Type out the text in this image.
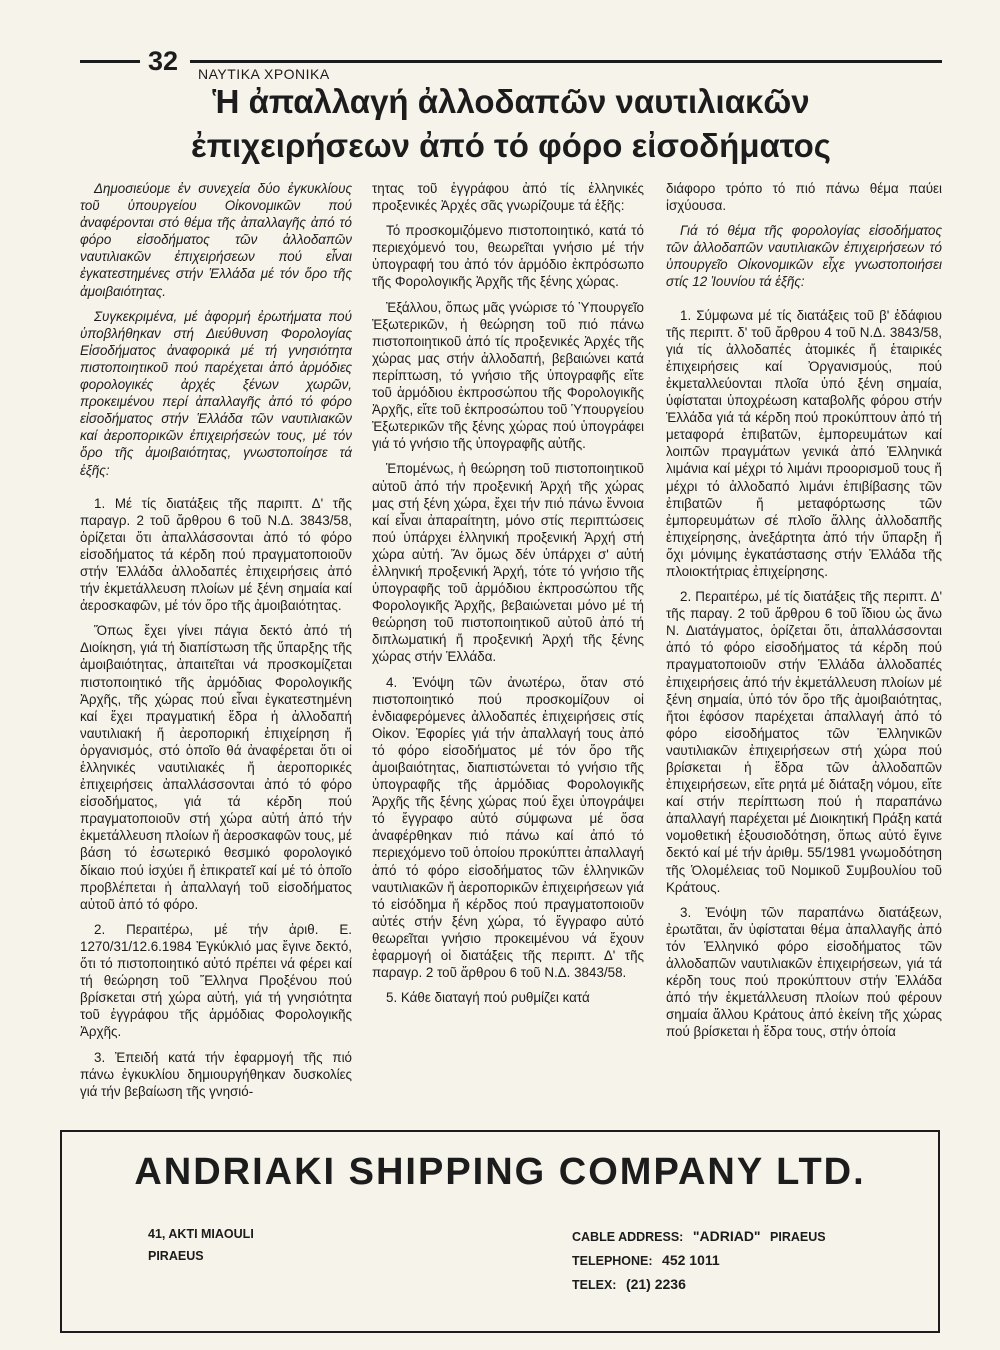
32 ΝΑΥΤΙΚΑ ΧΡΟΝΙΚΑ
Ἡ ἀπαλλαγή ἀλλοδαπῶν ναυτιλιακῶν
ἐπιχειρήσεων ἀπό τό φόρο εἰσοδήματος

Δημοσιεύομε ἐν συνεχεία δύο ἐγκυκλίους τοῦ ὑπουργείου Οἰκονομικῶν πού ἀναφέρονται στό θέμα τῆς ἀπαλλαγῆς ἀπό τό φόρο εἰσοδήματος τῶν ἀλλοδαπῶν ναυτιλιακῶν ἐπιχειρήσεων πού εἶναι ἐγκατεστημένες στήν Ἑλλάδα μέ τόν ὅρο τῆς ἀμοιβαιότητας.

Συγκεκριμένα, μέ ἀφορμή ἐρωτήματα πού ὑποβλήθηκαν στή Διεύθυνση Φορολογίας Εἰσοδήματος ἀναφορικά μέ τή γνησιότητα πιστοποιητικοῦ πού παρέχεται ἀπό ἁρμόδιες φορολογικές ἀρχές ξένων χωρῶν, προκειμένου περί ἀπαλλαγῆς ἀπό τό φόρο εἰσοδήματος στήν Ἑλλάδα τῶν ναυτιλιακῶν καί ἀεροπορικῶν ἐπιχειρήσεών τους, μέ τόν ὅρο τῆς ἀμοιβαιότητας, γνωστοποίησε τά ἑξῆς:

1. Μέ τίς διατάξεις τῆς παριπτ. Δ' τῆς παραγρ. 2 τοῦ ἄρθρου 6 τοῦ Ν.Δ. 3843/58, ὁρίζεται ὅτι ἀπαλλάσσονται ἀπό τό φόρο εἰσοδήματος τά κέρδη πού πραγματοποιοῦν στήν Ἑλλάδα ἀλλοδαπές ἐπιχειρήσεις ἀπό τήν ἐκμετάλλευση πλοίων μέ ξένη σημαία καί ἀεροσκαφῶν, μέ τόν ὅρο τῆς ἀμοιβαιότητας.

Ὅπως ἔχει γίνει πάγια δεκτό ἀπό τή Διοίκηση, γιά τή διαπίστωση τῆς ὕπαρξης τῆς ἀμοιβαιότητας, ἀπαιτεῖται νά προσκομίζεται πιστοποιητικό τῆς ἁρμόδιας Φορολογικῆς Ἀρχῆς, τῆς χώρας πού εἶναι ἐγκατεστημένη καί ἔχει πραγματική ἕδρα ἡ ἀλλοδαπή ναυτιλιακή ἤ ἀεροπορική ἐπιχείρηση ἤ ὀργανισμός, στό ὁποῖο θά ἀναφέρεται ὅτι οἱ ἑλληνικές ναυτιλιακές ἤ ἀεροπορικές ἐπιχειρήσεις ἀπαλλάσσονται ἀπό τό φόρο εἰσοδήματος, γιά τά κέρδη πού πραγματοποιοῦν στή χώρα αὐτή ἀπό τήν ἐκμετάλλευση πλοίων ἤ ἀεροσκαφῶν τους, μέ βάση τό ἐσωτερικό θεσμικό φορολογικό δίκαιο πού ἰσχύει ἤ ἐπικρατεῖ καί μέ τό ὁποῖο προβλέπεται ἡ ἀπαλλαγή τοῦ εἰσοδήματος αὐτοῦ ἀπό τό φόρο.

2. Περαιτέρω, μέ τήν ἀριθ. Ε. 1270/31/12.6.1984 Ἐγκύκλιό μας ἔγινε δεκτό, ὅτι τό πιστοποιητικό αὐτό πρέπει νά φέρει καί τή θεώρηση τοῦ Ἕλληνα Προξένου πού βρίσκεται στή χώρα αὐτή, γιά τή γνησιότητα τοῦ ἐγγράφου τῆς ἁρμόδιας Φορολογικῆς Ἀρχῆς.

3. Ἐπειδή κατά τήν ἐφαρμογή τῆς πιό πάνω ἐγκυκλίου δημιουργήθηκαν δυσκολίες γιά τήν βεβαίωση τῆς γνησιό-

τητας τοῦ ἐγγράφου ἀπό τίς ἑλληνικές προξενικές Ἀρχές σᾶς γνωρίζουμε τά ἑξῆς:

Τό προσκομιζόμενο πιστοποιητικό, κατά τό περιεχόμενό του, θεωρεῖται γνήσιο μέ τήν ὑπογραφή του ἀπό τόν ἁρμόδιο ἐκπρόσωπο τῆς Φορολογικῆς Ἀρχῆς τῆς ξένης χώρας.

Ἐξάλλου, ὅπως μᾶς γνώρισε τό Ὑπουργεῖο Ἐξωτερικῶν, ἡ θεώρηση τοῦ πιό πάνω πιστοποιητικοῦ ἀπό τίς προξενικές Ἀρχές τῆς χώρας μας στήν ἀλλοδαπή, βεβαιώνει κατά περίπτωση, τό γνήσιο τῆς ὑπογραφῆς εἴτε τοῦ ἁρμόδιου ἐκπροσώπου τῆς Φορολογικῆς Ἀρχῆς, εἴτε τοῦ ἐκπροσώπου τοῦ Ὑπουργείου Ἐξωτερικῶν τῆς ξένης χώρας πού ὑπογράφει γιά τό γνήσιο τῆς ὑπογραφῆς αὐτῆς.

Ἑπομένως, ἡ θεώρηση τοῦ πιστοποιητικοῦ αὐτοῦ ἀπό τήν προξενική Ἀρχή τῆς χώρας μας στή ξένη χώρα, ἔχει τήν πιό πάνω ἔννοια καί εἶναι ἀπαραίτητη, μόνο στίς περιπτώσεις πού ὑπάρχει ἑλληνική προξενική Ἀρχή στή χώρα αὐτή. Ἄν ὅμως δέν ὑπάρχει σ' αὐτή ἑλληνική προξενική Ἀρχή, τότε τό γνήσιο τῆς ὑπογραφῆς τοῦ ἁρμόδιου ἐκπροσώπου τῆς Φορολογικῆς Ἀρχῆς, βεβαιώνεται μόνο μέ τή θεώρηση τοῦ πιστοποιητικοῦ αὐτοῦ ἀπό τή διπλωματική ἤ προξενική Ἀρχή τῆς ξένης χώρας στήν Ἑλλάδα.

4. Ἐνόψη τῶν ἀνωτέρω, ὅταν στό πιστοποιητικό πού προσκομίζουν οἱ ἐνδιαφερόμενες ἀλλοδαπές ἐπιχειρήσεις στίς Οἰκον. Ἐφορίες γιά τήν ἀπαλλαγή τους ἀπό τό φόρο εἰσοδήματος μέ τόν ὅρο τῆς ἀμοιβαιότητας, διαπιστώνεται τό γνήσιο τῆς ὑπογραφῆς τῆς ἁρμόδιας Φορολογικῆς Ἀρχῆς τῆς ξένης χώρας πού ἔχει ὑπογράψει τό ἔγγραφο αὐτό σύμφωνα μέ ὅσα ἀναφέρθηκαν πιό πάνω καί ἀπό τό περιεχόμενο τοῦ ὁποίου προκύπτει ἀπαλλαγή ἀπό τό φόρο εἰσοδήματος τῶν ἑλληνικῶν ναυτιλιακῶν ἤ ἀεροπορικῶν ἐπιχειρήσεων γιά τό εἰσόδημα ἤ κέρδος πού πραγματοποιοῦν αὐτές στήν ξένη χώρα, τό ἔγγραφο αὐτό θεωρεῖται γνήσιο προκειμένου νά ἔχουν ἐφαρμογή οἱ διατάξεις τῆς περιπτ. Δ' τῆς παραγρ. 2 τοῦ ἄρθρου 6 τοῦ Ν.Δ. 3843/58.

5. Κάθε διαταγή πού ρυθμίζει κατά

διάφορο τρόπο τό πιό πάνω θέμα παύει ἰσχύουσα.

Γιά τό θέμα τῆς φορολογίας εἰσοδήματος τῶν ἀλλοδαπῶν ναυτιλιακῶν ἐπιχειρήσεων τό ὑπουργεῖο Οἰκονομικῶν εἶχε γνωστοποιήσει στίς 12 Ἰουνίου τά ἑξῆς:

1. Σύμφωνα μέ τίς διατάξεις τοῦ β' ἐδάφιου τῆς περιπτ. δ' τοῦ ἄρθρου 4 τοῦ Ν.Δ. 3843/58, γιά τίς ἀλλοδαπές ἀτομικές ἤ ἑταιρικές ἐπιχειρήσεις καί Ὀργανισμούς, πού ἐκμεταλλεύονται πλοῖα ὑπό ξένη σημαία, ὑφίσταται ὑποχρέωση καταβολῆς φόρου στήν Ἑλλάδα γιά τά κέρδη πού προκύπτουν ἀπό τή μεταφορά ἐπιβατῶν, ἐμπορευμάτων καί λοιπῶν πραγμάτων γενικά ἀπό Ἑλληνικά λιμάνια καί μέχρι τό λιμάνι προορισμοῦ τους ἤ μέχρι τό ἀλλοδαπό λιμάνι ἐπιβίβασης τῶν ἐπιβατῶν ἤ μεταφόρτωσης τῶν ἐμπορευμάτων σέ πλοῖο ἄλλης ἀλλοδαπῆς ἐπιχείρησης, ἀνεξάρτητα ἀπό τήν ὕπαρξη ἤ ὄχι μόνιμης ἐγκατάστασης στήν Ἑλλάδα τῆς πλοιοκτήτριας ἐπιχείρησης.

2. Περαιτέρω, μέ τίς διατάξεις τῆς περιπτ. Δ' τῆς παραγ. 2 τοῦ ἄρθρου 6 τοῦ ἴδιου ὡς ἄνω Ν. Διατάγματος, ὁρίζεται ὅτι, ἀπαλλάσσονται ἀπό τό φόρο εἰσοδήματος τά κέρδη πού πραγματοποιοῦν στήν Ἑλλάδα ἀλλοδαπές ἐπιχειρήσεις ἀπό τήν ἐκμετάλλευση πλοίων μέ ξένη σημαία, ὑπό τόν ὅρο τῆς ἀμοιβαιότητας, ἤτοι ἐφόσον παρέχεται ἀπαλλαγή ἀπό τό φόρο εἰσοδήματος τῶν Ἑλληνικῶν ναυτιλιακῶν ἐπιχειρήσεων στή χώρα πού βρίσκεται ἡ ἕδρα τῶν ἀλλοδαπῶν ἐπιχειρήσεων, εἴτε ρητά μέ διάταξη νόμου, εἴτε καί στήν περίπτωση πού ἡ παραπάνω ἀπαλλαγή παρέχεται μέ Διοικητική Πράξη κατά νομοθετική ἐξουσιοδότηση, ὅπως αὐτό ἔγινε δεκτό καί μέ τήν ἀριθμ. 55/1981 γνωμοδότηση τῆς Ὁλομέλειας τοῦ Νομικοῦ Συμβουλίου τοῦ Κράτους.

3. Ἐνόψη τῶν παραπάνω διατάξεων, ἐρωτᾶται, ἄν ὑφίσταται θέμα ἀπαλλαγῆς ἀπό τόν Ἑλληνικό φόρο εἰσοδήματος τῶν ἀλλοδαπῶν ναυτιλιακῶν ἐπιχειρήσεων, γιά τά κέρδη τους πού προκύπτουν στήν Ἑλλάδα ἀπό τήν ἐκμετάλλευση πλοίων πού φέρουν σημαία ἄλλου Κράτους ἀπό ἐκείνη τῆς χώρας πού βρίσκεται ἡ ἕδρα τους, στήν ὁποία

ANDRIAKI SHIPPING COMPANY LTD.
41, AKTI MIAOULI
PIRAEUS
CABLE ADDRESS: "ADRIAD" PIRAEUS
TELEPHONE: 452 1011
TELEX: (21) 2236
